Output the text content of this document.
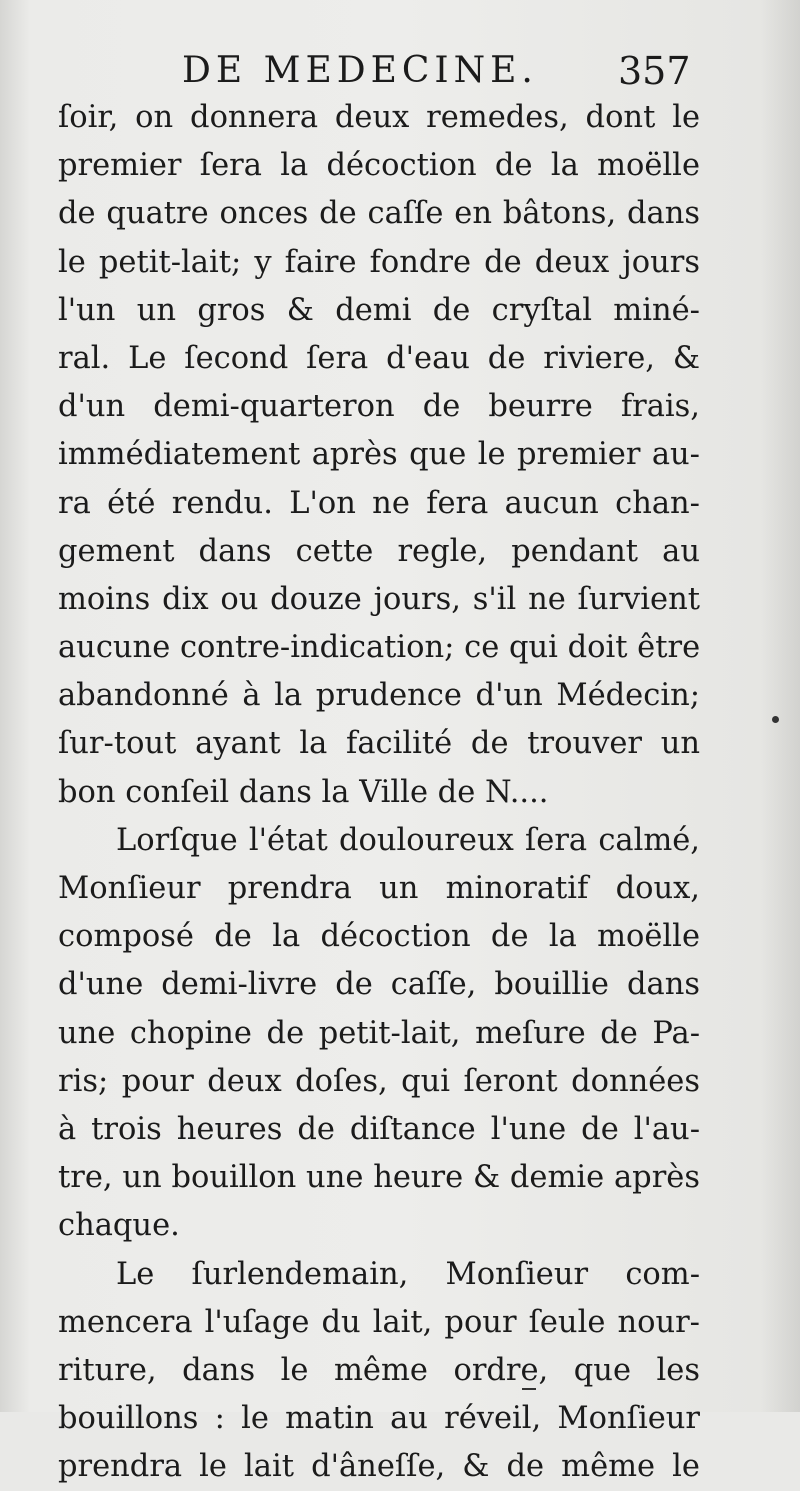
DE MEDECINE. 357
ſoir, on donnera deux remedes, dont le
premier ſera la décoction de la moëlle
de quatre onces de caſſe en bâtons, dans
le petit-lait; y faire fondre de deux jours
l'un un gros & demi de cryſtal miné-
ral. Le ſecond ſera d'eau de riviere, &
d'un demi-quarteron de beurre frais,
immédiatement après que le premier au-
ra été rendu. L'on ne fera aucun chan-
gement dans cette regle, pendant au
moins dix ou douze jours, s'il ne ſurvient
aucune contre-indication; ce qui doit être
abandonné à la prudence d'un Médecin;
ſur-tout ayant la facilité de trouver un
bon conſeil dans la Ville de N....
Lorſque l'état douloureux ſera calmé,
Monſieur prendra un minoratif doux,
composé de la décoction de la moëlle
d'une demi-livre de caſſe, bouillie dans
une chopine de petit-lait, meſure de Pa-
ris; pour deux doſes, qui ſeront données
à trois heures de diſtance l'une de l'au-
tre, un bouillon une heure & demie après
chaque.
Le ſurlendemain, Monſieur com-
mencera l'uſage du lait, pour ſeule nour-
riture, dans le même ordre, que les
bouillons : le matin au réveil, Monſieur
prendra le lait d'âneſſe, & de même le
